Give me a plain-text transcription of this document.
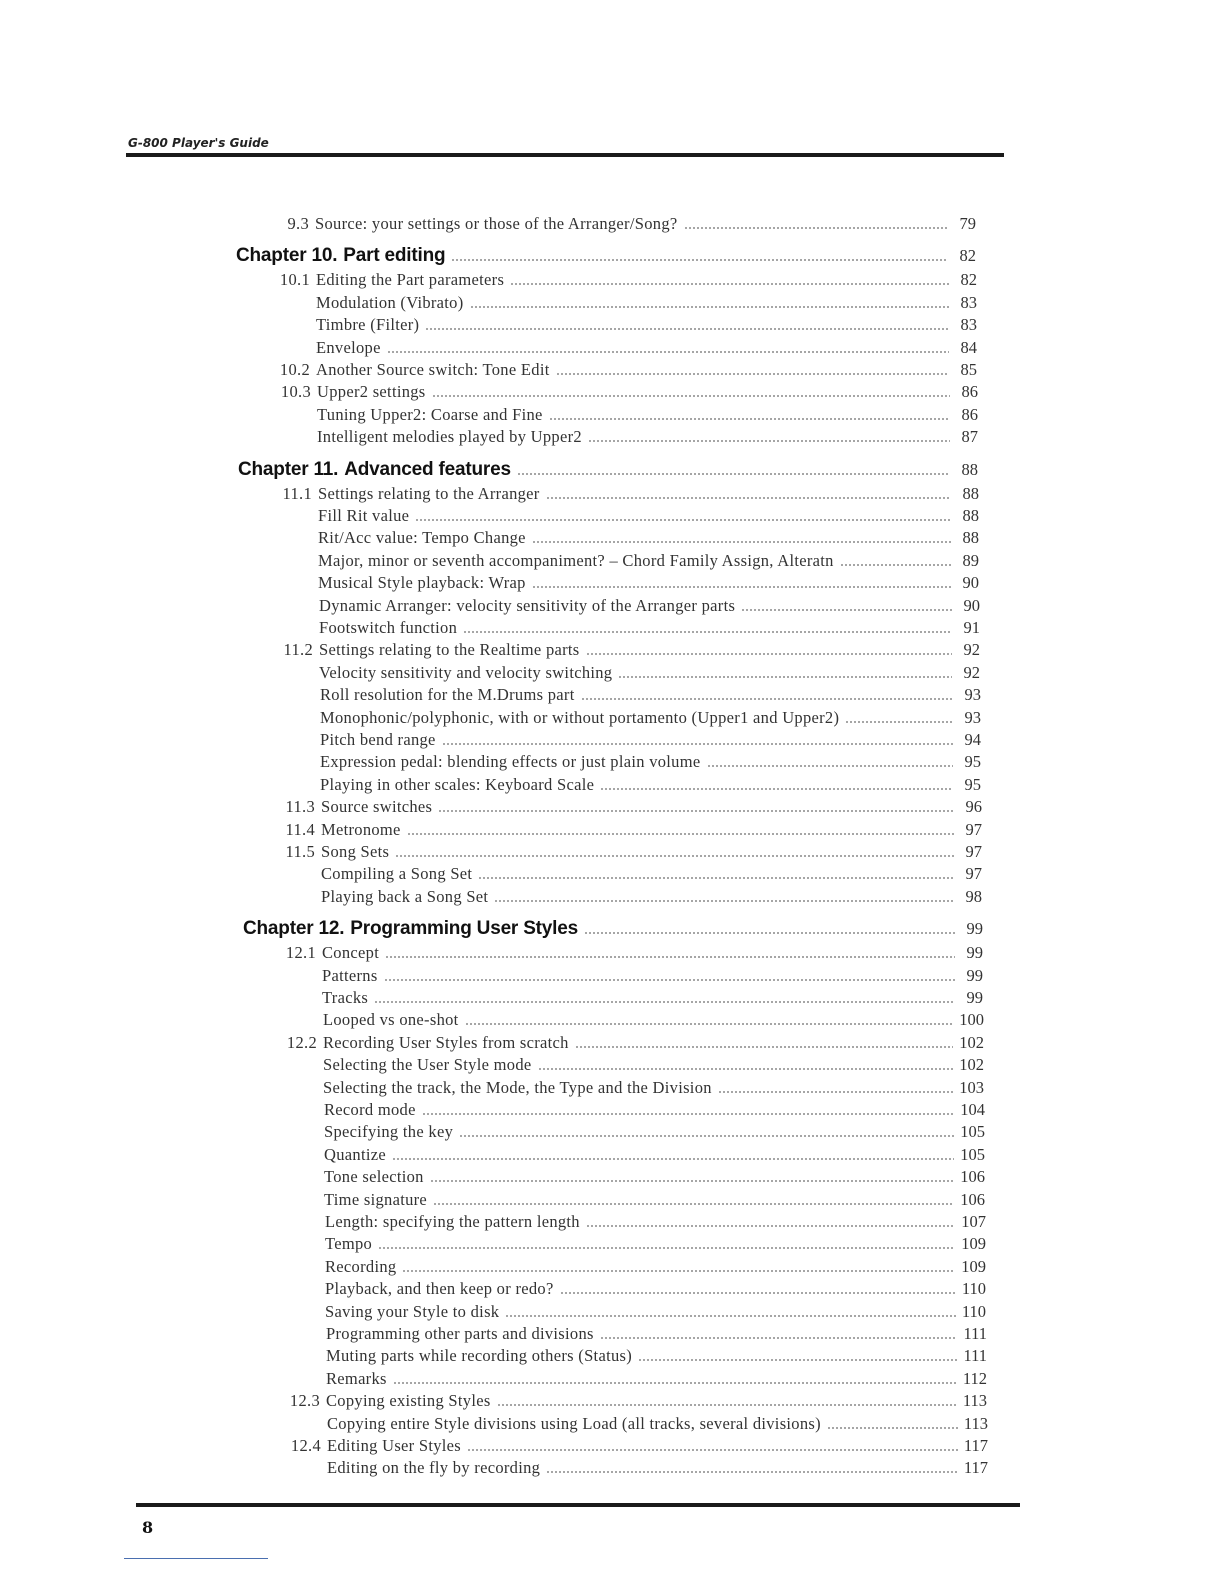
G-800 Player's Guide
9.3 Source: your settings or those of the Arranger/Song?	79
Chapter 10. Part editing	82
10.1 Editing the Part parameters	82
Modulation (Vibrato)	83
Timbre (Filter)	83
Envelope	84
10.2 Another Source switch: Tone Edit	85
10.3 Upper2 settings	86
Tuning Upper2: Coarse and Fine	86
Intelligent melodies played by Upper2	87
Chapter 11. Advanced features	88
11.1 Settings relating to the Arranger	88
Fill Rit value	88
Rit/Acc value: Tempo Change	88
Major, minor or seventh accompaniment? – Chord Family Assign, Alteratn	89
Musical Style playback: Wrap	90
Dynamic Arranger: velocity sensitivity of the Arranger parts	90
Footswitch function	91
11.2 Settings relating to the Realtime parts	92
Velocity sensitivity and velocity switching	92
Roll resolution for the M.Drums part	93
Monophonic/polyphonic, with or without portamento (Upper1 and Upper2)	93
Pitch bend range	94
Expression pedal: blending effects or just plain volume	95
Playing in other scales: Keyboard Scale	95
11.3 Source switches	96
11.4 Metronome	97
11.5 Song Sets	97
Compiling a Song Set	97
Playing back a Song Set	98
Chapter 12. Programming User Styles	99
12.1 Concept	99
Patterns	99
Tracks	99
Looped vs one-shot	100
12.2 Recording User Styles from scratch	102
Selecting the User Style mode	102
Selecting the track, the Mode, the Type and the Division	103
Record mode	104
Specifying the key	105
Quantize	105
Tone selection	106
Time signature	106
Length: specifying the pattern length	107
Tempo	109
Recording	109
Playback, and then keep or redo?	110
Saving your Style to disk	110
Programming other parts and divisions	111
Muting parts while recording others (Status)	111
Remarks	112
12.3 Copying existing Styles	113
Copying entire Style divisions using Load (all tracks, several divisions)	113
12.4 Editing User Styles	117
Editing on the fly by recording	117
8
